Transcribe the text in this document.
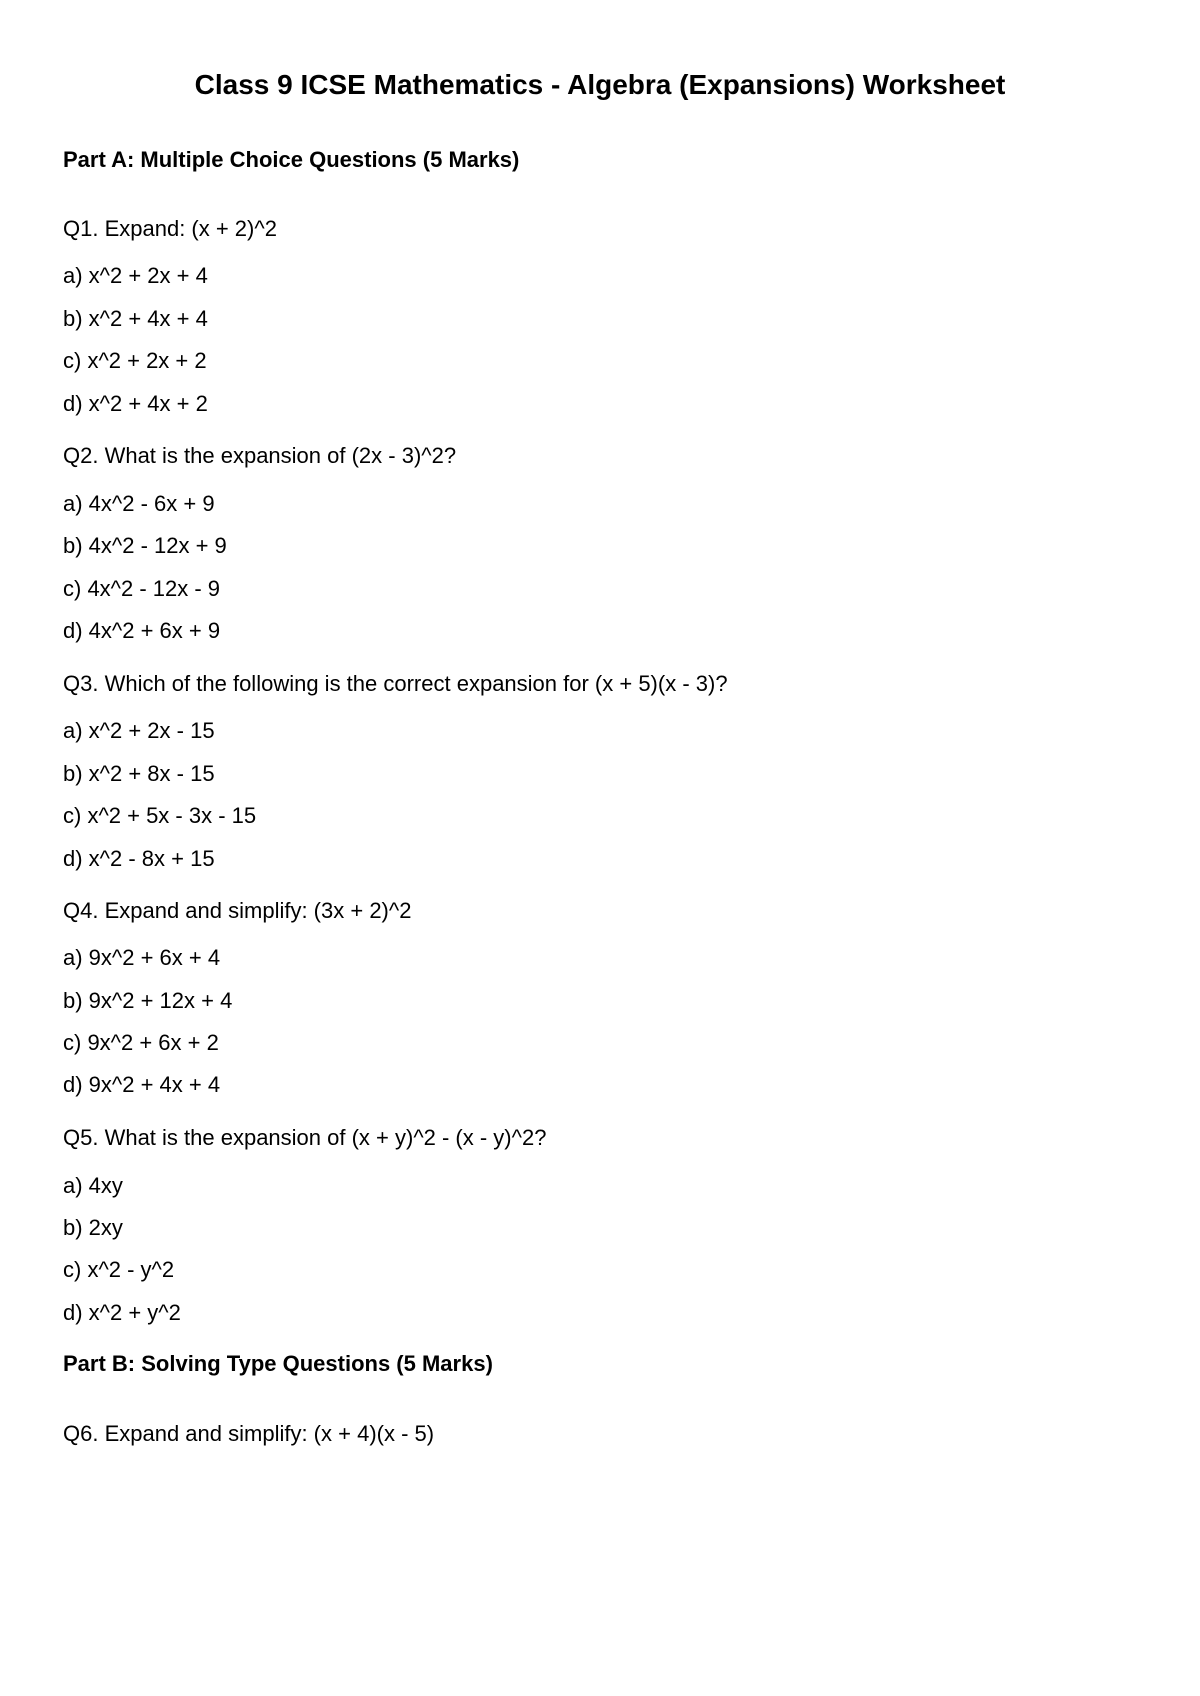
Class 9 ICSE Mathematics - Algebra (Expansions) Worksheet
Part A: Multiple Choice Questions (5 Marks)
Q1. Expand: (x + 2)^2
a) x^2 + 2x + 4
b) x^2 + 4x + 4
c) x^2 + 2x + 2
d) x^2 + 4x + 2
Q2. What is the expansion of (2x - 3)^2?
a) 4x^2 - 6x + 9
b) 4x^2 - 12x + 9
c) 4x^2 - 12x - 9
d) 4x^2 + 6x + 9
Q3. Which of the following is the correct expansion for (x + 5)(x - 3)?
a) x^2 + 2x - 15
b) x^2 + 8x - 15
c) x^2 + 5x - 3x - 15
d) x^2 - 8x + 15
Q4. Expand and simplify: (3x + 2)^2
a) 9x^2 + 6x + 4
b) 9x^2 + 12x + 4
c) 9x^2 + 6x + 2
d) 9x^2 + 4x + 4
Q5. What is the expansion of (x + y)^2 - (x - y)^2?
a) 4xy
b) 2xy
c) x^2 - y^2
d) x^2 + y^2
Part B: Solving Type Questions (5 Marks)
Q6. Expand and simplify: (x + 4)(x - 5)
